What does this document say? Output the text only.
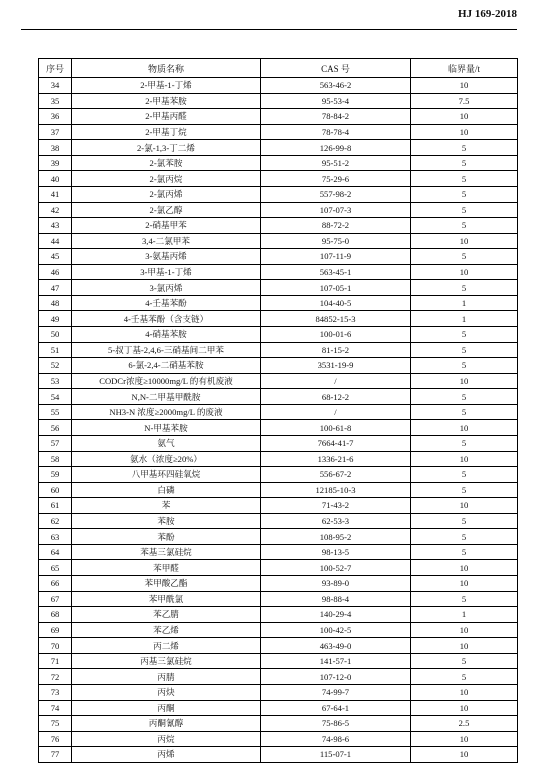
HJ 169-2018
序号	物质名称	CAS 号	临界量/t
34	2-甲基-1-丁烯	563-46-2	10
35	2-甲基苯胺	95-53-4	7.5
36	2-甲基丙醛	78-84-2	10
37	2-甲基丁烷	78-78-4	10
38	2-氯-1,3-丁二烯	126-99-8	5
39	2-氯苯胺	95-51-2	5
40	2-氯丙烷	75-29-6	5
41	2-氯丙烯	557-98-2	5
42	2-氯乙醇	107-07-3	5
43	2-硝基甲苯	88-72-2	5
44	3,4-二氯甲苯	95-75-0	10
45	3-氨基丙烯	107-11-9	5
46	3-甲基-1-丁烯	563-45-1	10
47	3-氯丙烯	107-05-1	5
48	4-壬基苯酚	104-40-5	1
49	4-壬基苯酚（含支链）	84852-15-3	1
50	4-硝基苯胺	100-01-6	5
51	5-叔丁基-2,4,6-三硝基间二甲苯	81-15-2	5
52	6-氯-2,4-二硝基苯胺	3531-19-9	5
53	CODCr浓度≥10000mg/L 的有机废液	/	10
54	N,N-二甲基甲酰胺	68-12-2	5
55	NH3-N 浓度≥2000mg/L 的废液	/	5
56	N-甲基苯胺	100-61-8	10
57	氨气	7664-41-7	5
58	氨水（浓度≥20%）	1336-21-6	10
59	八甲基环四硅氧烷	556-67-2	5
60	白磷	12185-10-3	5
61	苯	71-43-2	10
62	苯胺	62-53-3	5
63	苯酚	108-95-2	5
64	苯基三氯硅烷	98-13-5	5
65	苯甲醛	100-52-7	10
66	苯甲酸乙酯	93-89-0	10
67	苯甲酰氯	98-88-4	5
68	苯乙腈	140-29-4	1
69	苯乙烯	100-42-5	10
70	丙二烯	463-49-0	10
71	丙基三氯硅烷	141-57-1	5
72	丙腈	107-12-0	5
73	丙炔	74-99-7	10
74	丙酮	67-64-1	10
75	丙酮氰醇	75-86-5	2.5
76	丙烷	74-98-6	10
77	丙烯	115-07-1	10
